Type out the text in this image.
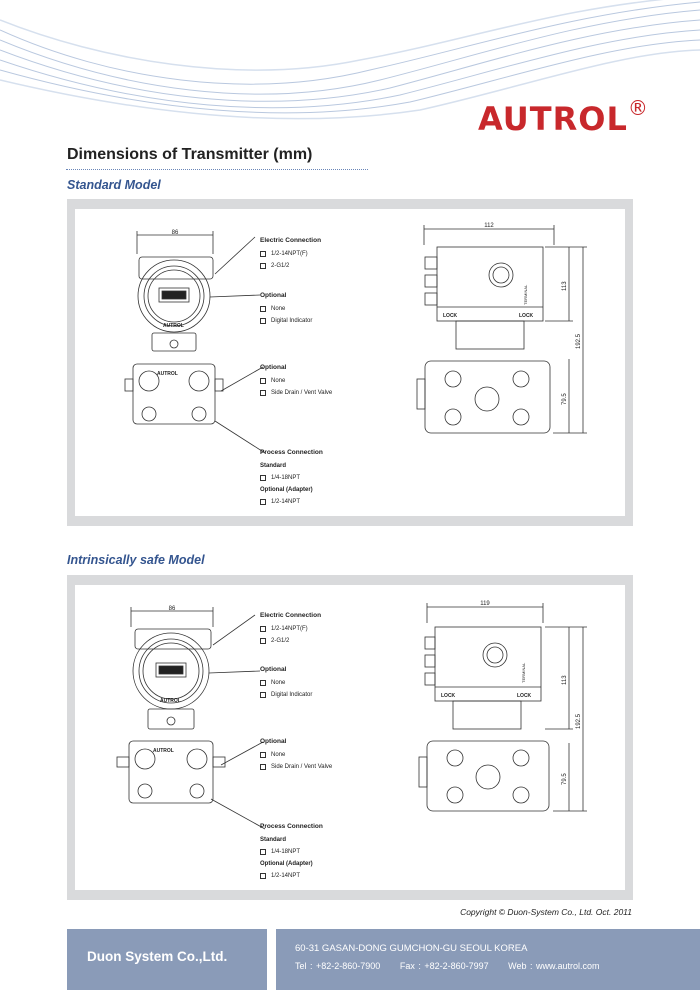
AUTROL®
Dimensions of Transmitter (mm)
Standard Model
86
112
AUTROL
AUTROL
LOCK	LOCK
TERMINAL	113
192.5
79.5
Electric Connection
1/2-14NPT(F)
2-G1/2
Optional
None
Digital Indicator
Optional
None
Side Drain / Vent Valve
Process Connection
Standard
1/4-18NPT
Optional (Adapter)
1/2-14NPT
Intrinsically safe Model
86
119
AUTROL
AUTROL
LOCK	LOCK
TERMINAL	113
192.5
79.5
Electric Connection
1/2-14NPT(F)
2-G1/2
Optional
None
Digital Indicator
Optional
None
Side Drain / Vent Valve
Process Connection
Standard
1/4-18NPT
Optional (Adapter)
1/2-14NPT
Copyright © Duon-System Co., Ltd. Oct. 2011
Duon System Co.,Ltd.
60-31 GASAN-DONG GUMCHON-GU SEOUL KOREA
Tel : +82-2-860-7900 Fax : +82-2-860-7997 Web : www.autrol.com
